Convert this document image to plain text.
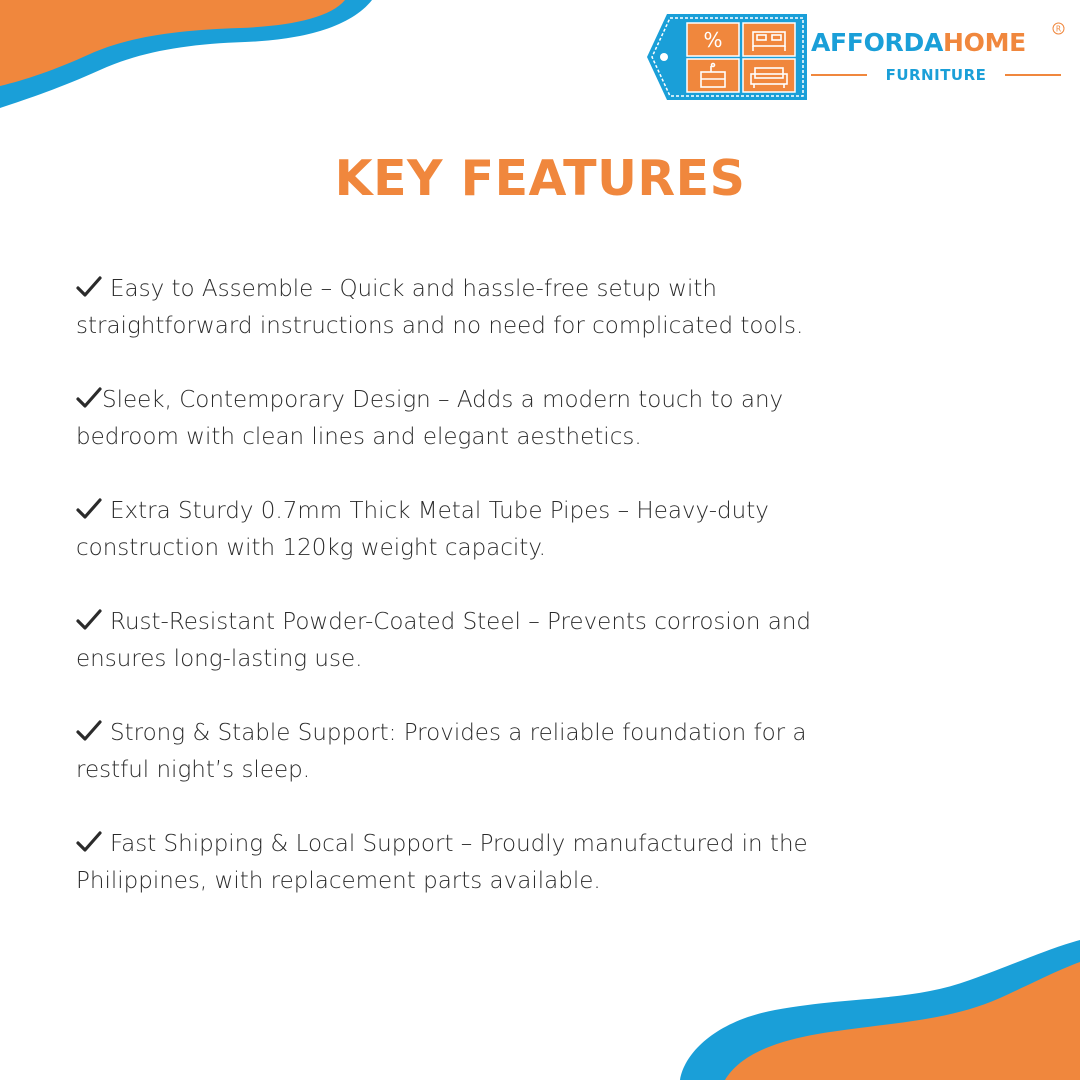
%	AFFORDAHOME	R
FURNITURE
KEY FEATURES
Easy to Assemble – Quick and hassle-free setup with
straightforward instructions and no need for complicated tools.
Sleek, Contemporary Design – Adds a modern touch to any
bedroom with clean lines and elegant aesthetics.
Extra Sturdy 0.7mm Thick Metal Tube Pipes – Heavy-duty
construction with 120kg weight capacity.
Rust-Resistant Powder-Coated Steel – Prevents corrosion and
ensures long-lasting use.
Strong & Stable Support: Provides a reliable foundation for a
restful night’s sleep.
Fast Shipping & Local Support – Proudly manufactured in the
Philippines, with replacement parts available.
